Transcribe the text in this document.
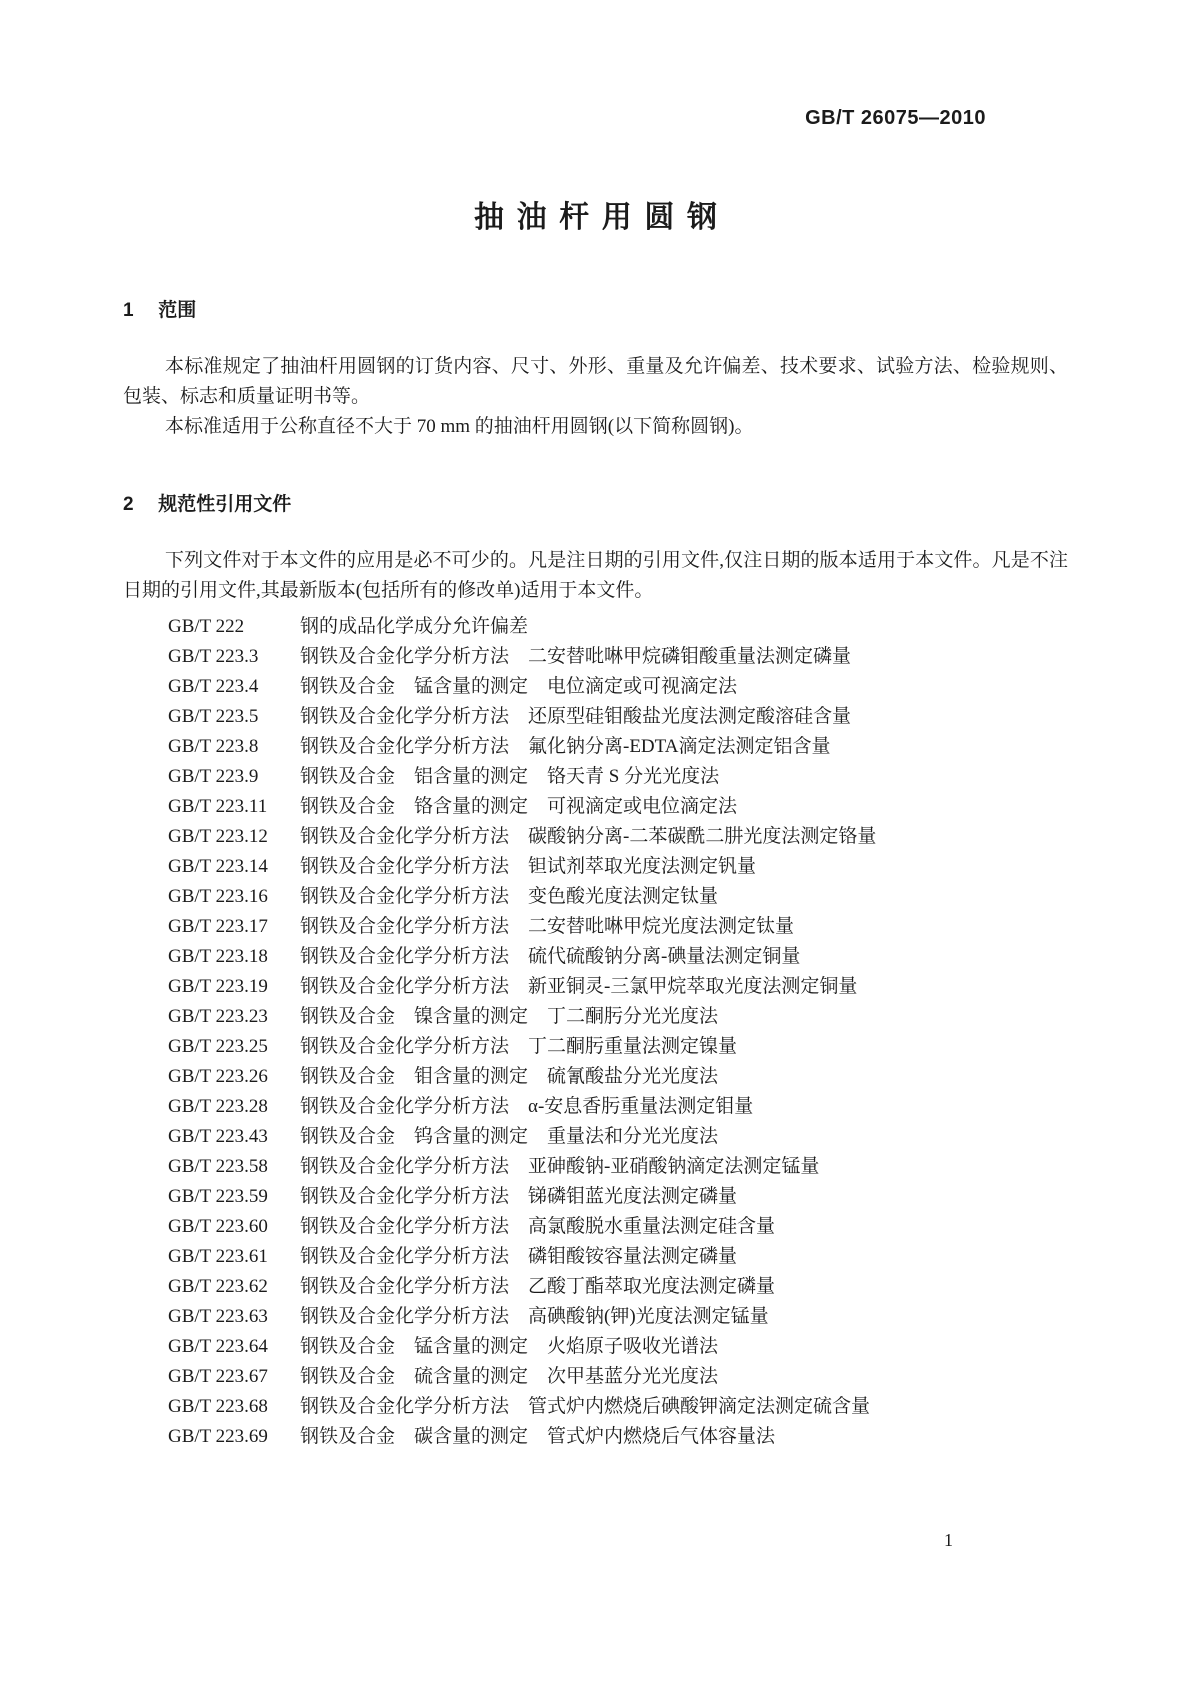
GB/T 26075—2010
抽油杆用圆钢
1 范围

本标准规定了抽油杆用圆钢的订货内容、尺寸、外形、重量及允许偏差、技术要求、试验方法、检验规则、包装、标志和质量证明书等。

本标准适用于公称直径不大于 70 mm 的抽油杆用圆钢(以下简称圆钢)。

2 规范性引用文件

下列文件对于本文件的应用是必不可少的。凡是注日期的引用文件,仅注日期的版本适用于本文件。凡是不注日期的引用文件,其最新版本(包括所有的修改单)适用于本文件。

GB/T 222	钢的成品化学成分允许偏差
GB/T 223.3 钢铁及合金化学分析方法　二安替吡啉甲烷磷钼酸重量法测定磷量
GB/T 223.4 钢铁及合金　锰含量的测定　电位滴定或可视滴定法
GB/T 223.5 钢铁及合金化学分析方法　还原型硅钼酸盐光度法测定酸溶硅含量
GB/T 223.8 钢铁及合金化学分析方法　氟化钠分离-EDTA滴定法测定铝含量
GB/T 223.9 钢铁及合金　铝含量的测定　铬天青 S 分光光度法
GB/T 223.11 钢铁及合金　铬含量的测定　可视滴定或电位滴定法
GB/T 223.12 钢铁及合金化学分析方法　碳酸钠分离-二苯碳酰二肼光度法测定铬量
GB/T 223.14 钢铁及合金化学分析方法　钽试剂萃取光度法测定钒量
GB/T 223.16 钢铁及合金化学分析方法　变色酸光度法测定钛量
GB/T 223.17 钢铁及合金化学分析方法　二安替吡啉甲烷光度法测定钛量
GB/T 223.18 钢铁及合金化学分析方法　硫代硫酸钠分离-碘量法测定铜量
GB/T 223.19 钢铁及合金化学分析方法　新亚铜灵-三氯甲烷萃取光度法测定铜量
GB/T 223.23 钢铁及合金　镍含量的测定　丁二酮肟分光光度法
GB/T 223.25 钢铁及合金化学分析方法　丁二酮肟重量法测定镍量
GB/T 223.26 钢铁及合金　钼含量的测定　硫氰酸盐分光光度法
GB/T 223.28 钢铁及合金化学分析方法　α-安息香肟重量法测定钼量
GB/T 223.43 钢铁及合金　钨含量的测定　重量法和分光光度法
GB/T 223.58 钢铁及合金化学分析方法　亚砷酸钠-亚硝酸钠滴定法测定锰量
GB/T 223.59 钢铁及合金化学分析方法　锑磷钼蓝光度法测定磷量
GB/T 223.60 钢铁及合金化学分析方法　高氯酸脱水重量法测定硅含量
GB/T 223.61 钢铁及合金化学分析方法　磷钼酸铵容量法测定磷量
GB/T 223.62 钢铁及合金化学分析方法　乙酸丁酯萃取光度法测定磷量
GB/T 223.63 钢铁及合金化学分析方法　高碘酸钠(钾)光度法测定锰量
GB/T 223.64 钢铁及合金　锰含量的测定　火焰原子吸收光谱法
GB/T 223.67 钢铁及合金　硫含量的测定　次甲基蓝分光光度法
GB/T 223.68 钢铁及合金化学分析方法　管式炉内燃烧后碘酸钾滴定法测定硫含量
GB/T 223.69 钢铁及合金　碳含量的测定　管式炉内燃烧后气体容量法
1
